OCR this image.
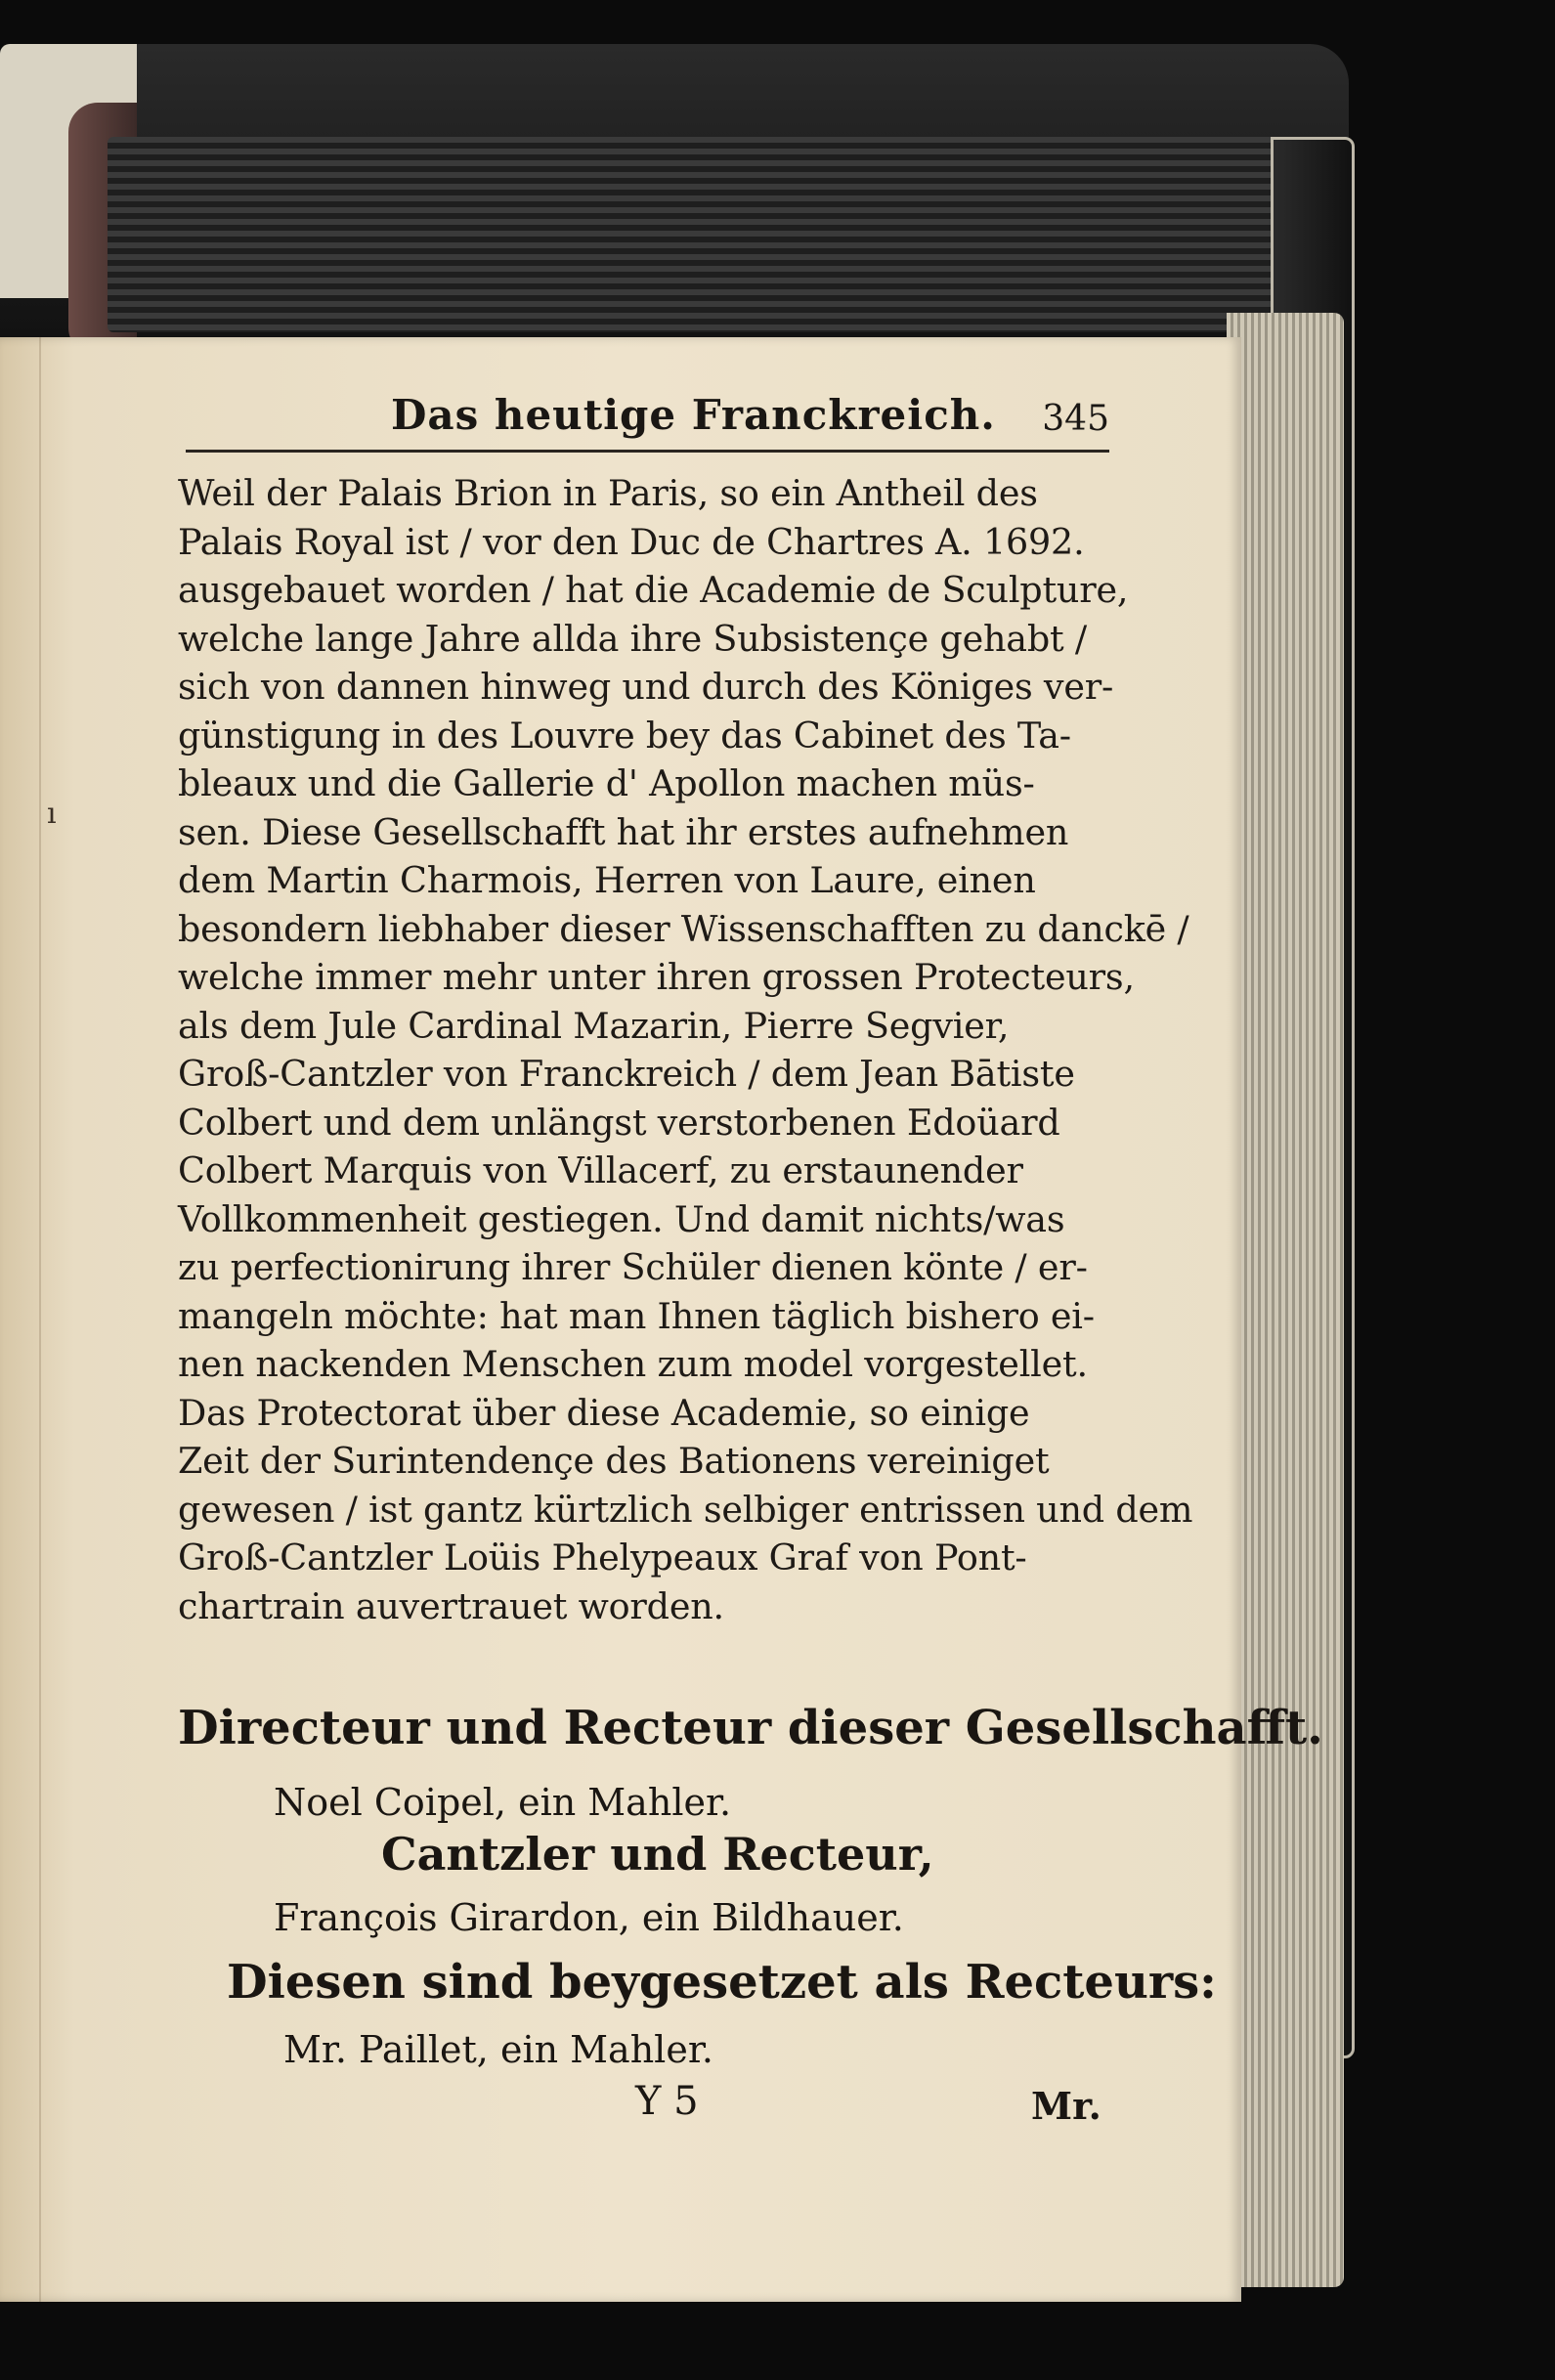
ı
Das heutige Franckreich. 345
Weil der Palais Brion in Paris, so ein Antheil des
Palais Royal ist / vor den Duc de Chartres A. 1692.
ausgebauet worden / hat die Academie de Sculpture,
welche lange Jahre allda ihre Subsistençe gehabt /
sich von dannen hinweg und durch des Königes ver-
günstigung in des Louvre bey das Cabinet des Ta-
bleaux und die Gallerie d' Apollon machen müs-
sen. Diese Gesellschafft hat ihr erstes aufnehmen
dem Martin Charmois, Herren von Laure, einen
besondern liebhaber dieser Wissenschafften zu danckē /
welche immer mehr unter ihren grossen Protecteurs,
als dem Jule Cardinal Mazarin, Pierre Segvier,
Groß-Cantzler von Franckreich / dem Jean Bātiste
Colbert und dem unlängst verstorbenen Edoüard
Colbert Marquis von Villacerf, zu erstaunender
Vollkommenheit gestiegen. Und damit nichts/was
zu perfectionirung ihrer Schüler dienen könte / er-
mangeln möchte: hat man Ihnen täglich bishero ei-
nen nackenden Menschen zum model vorgestellet.
Das Protectorat über diese Academie, so einige
Zeit der Surintendençe des Bationens vereiniget
gewesen / ist gantz kürtzlich selbiger entrissen und dem
Groß-Cantzler Loüis Phelypeaux Graf von Pont-
chartrain auvertrauet worden.
Directeur und Recteur dieser Gesellschafft.
Noel Coipel, ein Mahler.
Cantzler und Recteur,
François Girardon, ein Bildhauer.
Diesen sind beygesetzet als Recteurs:
Mr. Paillet, ein Mahler.
Y 5	Mr.
